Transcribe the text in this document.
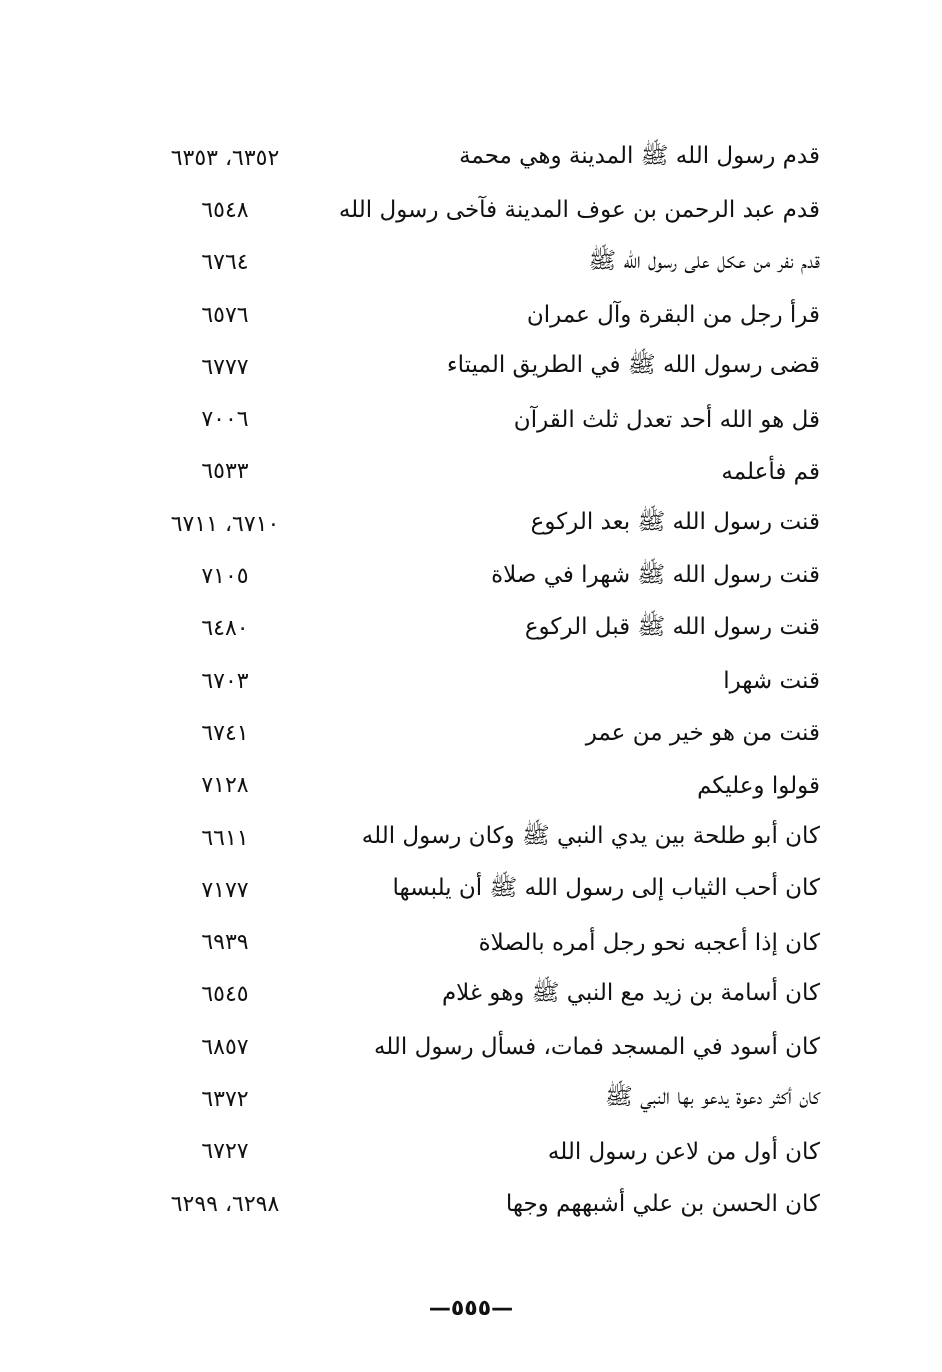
قدم رسول الله ﷺ المدينة وهي محمة
٦٣٥٢، ٦٣٥٣
قدم عبد الرحمن بن عوف المدينة فآخى رسول الله
٦٥٤٨
قدم نفر من عكل على رسول الله ﷺ
٦٧٦٤
قرأ رجل من البقرة وآل عمران
٦٥٧٦
قضى رسول الله ﷺ في الطريق الميتاء
٦٧٧٧
قل هو الله أحد تعدل ثلث القرآن
٧٠٠٦
قم فأعلمه
٦٥٣٣
قنت رسول الله ﷺ بعد الركوع
٦٧١٠، ٦٧١١
قنت رسول الله ﷺ شهرا في صلاة
٧١٠٥
قنت رسول الله ﷺ قبل الركوع
٦٤٨٠
قنت شهرا
٦٧٠٣
قنت من هو خير من عمر
٦٧٤١
قولوا وعليكم
٧١٢٨
كان أبو طلحة بين يدي النبي ﷺ وكان رسول الله
٦٦١١
كان أحب الثياب إلى رسول الله ﷺ أن يلبسها
٧١٧٧
كان إذا أعجبه نحو رجل أمره بالصلاة
٦٩٣٩
كان أسامة بن زيد مع النبي ﷺ وهو غلام
٦٥٤٥
كان أسود في المسجد فمات، فسأل رسول الله
٦٨٥٧
كان أكثر دعوة يدعو بها النبي ﷺ
٦٣٧٢
كان أول من لاعن رسول الله
٦٧٢٧
كان الحسن بن علي أشبههم وجها
٦٢٩٨، ٦٢٩٩
—٥٥٥—
